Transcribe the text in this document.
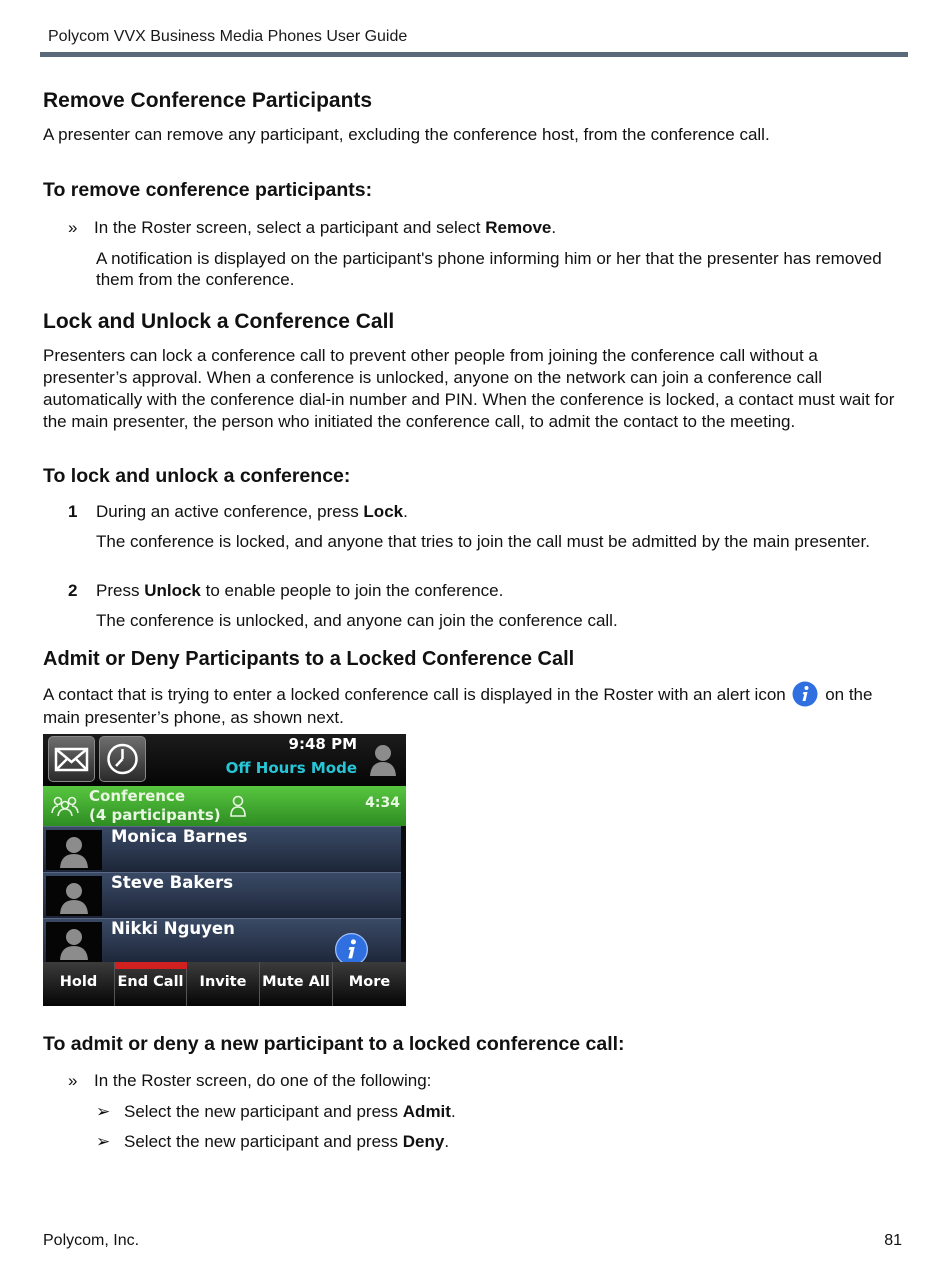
Polycom VVX Business Media Phones User Guide
Remove Conference Participants

A presenter can remove any participant, excluding the conference host, from the conference call.

To remove conference participants:
» In the Roster screen, select a participant and select Remove.

A notification is displayed on the participant's phone informing him or her that the presenter has removed them from the conference.

Lock and Unlock a Conference Call

Presenters can lock a conference call to prevent other people from joining the conference call without a presenter’s approval. When a conference is unlocked, anyone on the network can join a conference call automatically with the conference dial-in number and PIN. When the conference is locked, a contact must wait for the main presenter, the person who initiated the conference call, to admit the contact to the meeting.

To lock and unlock a conference:
1 During an active conference, press Lock.

The conference is locked, and anyone that tries to join the call must be admitted by the main presenter.

2 Press Unlock to enable people to join the conference.

The conference is unlocked, and anyone can join the conference call.

Admit or Deny Participants to a Locked Conference Call

A contact that is trying to enter a locked conference call is displayed in the Roster with an alert icon on the main presenter’s phone, as shown next.

9:48 PM
Off Hours Mode
Conference
(4 participants)
4:34
Monica Barnes
Steve Bakers
Nikki Nguyen
Hold	End Call	Invite	Mute All	More
To admit or deny a new participant to a locked conference call:
» In the Roster screen, do one of the following:

➢ Select the new participant and press Admit.

➢ Select the new participant and press Deny.

Polycom, Inc.	81
